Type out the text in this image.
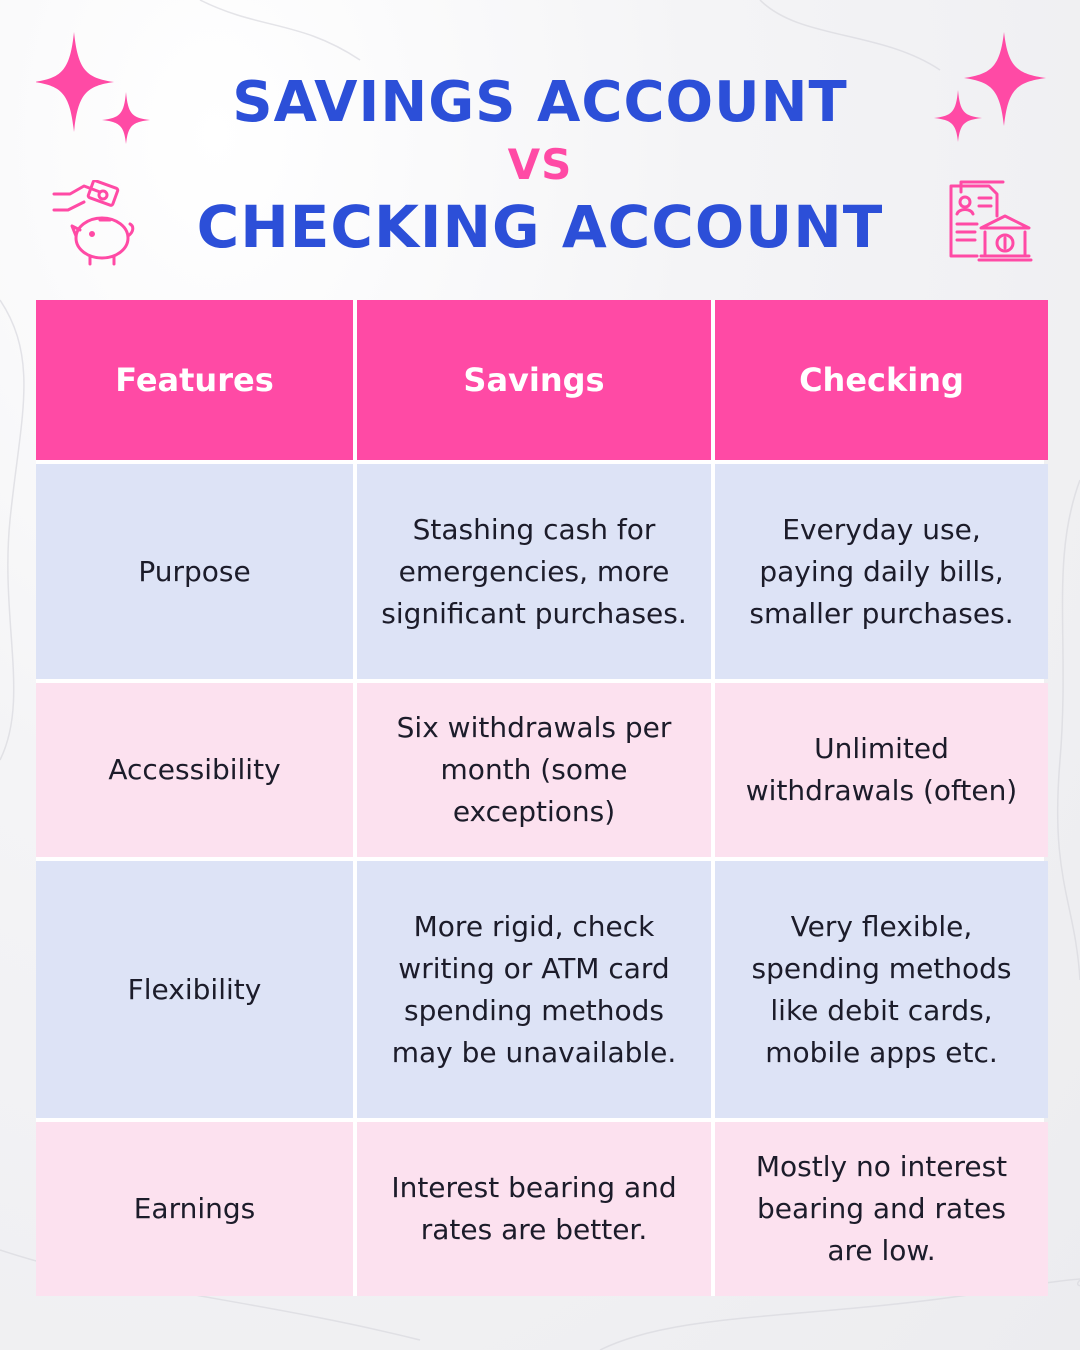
SAVINGS ACCOUNT
VS
CHECKING ACCOUNT
Features	Savings	Checking
Purpose
Stashing cash for emergencies, more significant purchases.
Everyday use, paying daily bills, smaller purchases.
Accessibility
Six withdrawals per month (some exceptions)
Unlimited withdrawals (often)
Flexibility
More rigid, check writing or ATM card spending methods may be unavailable.
Very flexible, spending methods like debit cards, mobile apps etc.
Earnings
Interest bearing and rates are better.
Mostly no interest bearing and rates are low.
